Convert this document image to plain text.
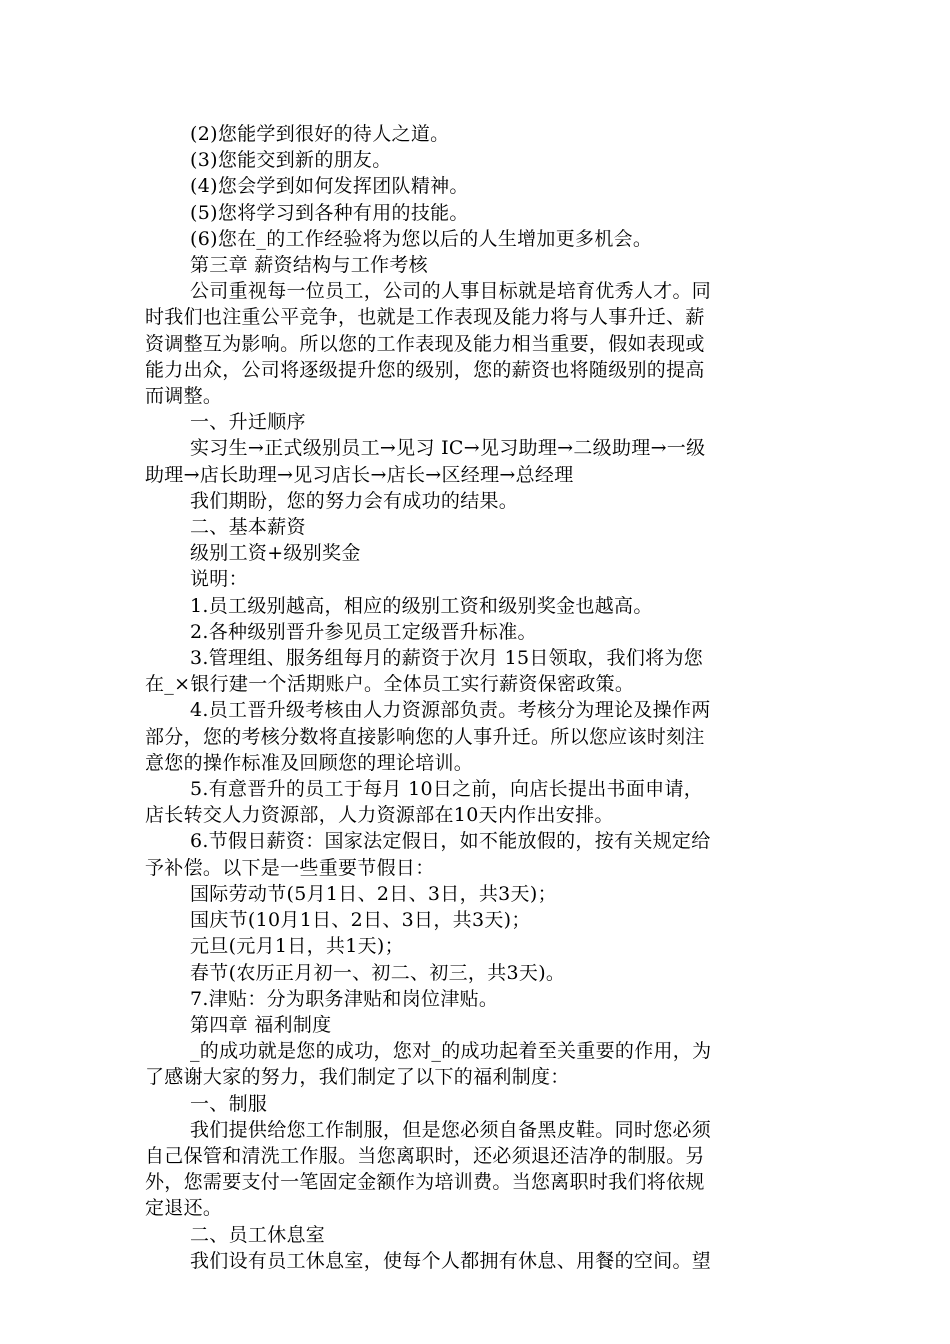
(2)您能学到很好的待人之道。
(3)您能交到新的朋友。
(4)您会学到如何发挥团队精神。
(5)您将学习到各种有用的技能。
(6)您在_的工作经验将为您以后的人生增加更多机会。
第三章 薪资结构与工作考核
公司重视每一位员工，公司的人事目标就是培育优秀人才。同
时我们也注重公平竞争，也就是工作表现及能力将与人事升迁、薪
资调整互为影响。所以您的工作表现及能力相当重要，假如表现或
能力出众，公司将逐级提升您的级别，您的薪资也将随级别的提高
而调整。
一、升迁顺序
实习生→正式级别员工→见习 IC→见习助理→二级助理→一级
助理→店长助理→见习店长→店长→区经理→总经理
我们期盼，您的努力会有成功的结果。
二、基本薪资
级别工资+级别奖金
说明：
1.员工级别越高，相应的级别工资和级别奖金也越高。
2.各种级别晋升参见员工定级晋升标准。
3.管理组、服务组每月的薪资于次月 15日领取，我们将为您
在_×银行建一个活期账户。全体员工实行薪资保密政策。
4.员工晋升级考核由人力资源部负责。考核分为理论及操作两
部分，您的考核分数将直接影响您的人事升迁。所以您应该时刻注
意您的操作标准及回顾您的理论培训。
5.有意晋升的员工于每月 10日之前，向店长提出书面申请，
店长转交人力资源部，人力资源部在10天内作出安排。
6.节假日薪资：国家法定假日，如不能放假的，按有关规定给
予补偿。以下是一些重要节假日：
国际劳动节(5月1日、2日、3日，共3天)；
国庆节(10月1日、2日、3日，共3天)；
元旦(元月1日，共1天)；
春节(农历正月初一、初二、初三，共3天)。
7.津贴：分为职务津贴和岗位津贴。
第四章 福利制度
_的成功就是您的成功，您对_的成功起着至关重要的作用，为
了感谢大家的努力，我们制定了以下的福利制度：
一、制服
我们提供给您工作制服，但是您必须自备黑皮鞋。同时您必须
自己保管和清洗工作服。当您离职时，还必须退还洁净的制服。另
外，您需要支付一笔固定金额作为培训费。当您离职时我们将依规
定退还。
二、员工休息室
我们设有员工休息室，使每个人都拥有休息、用餐的空间。望
